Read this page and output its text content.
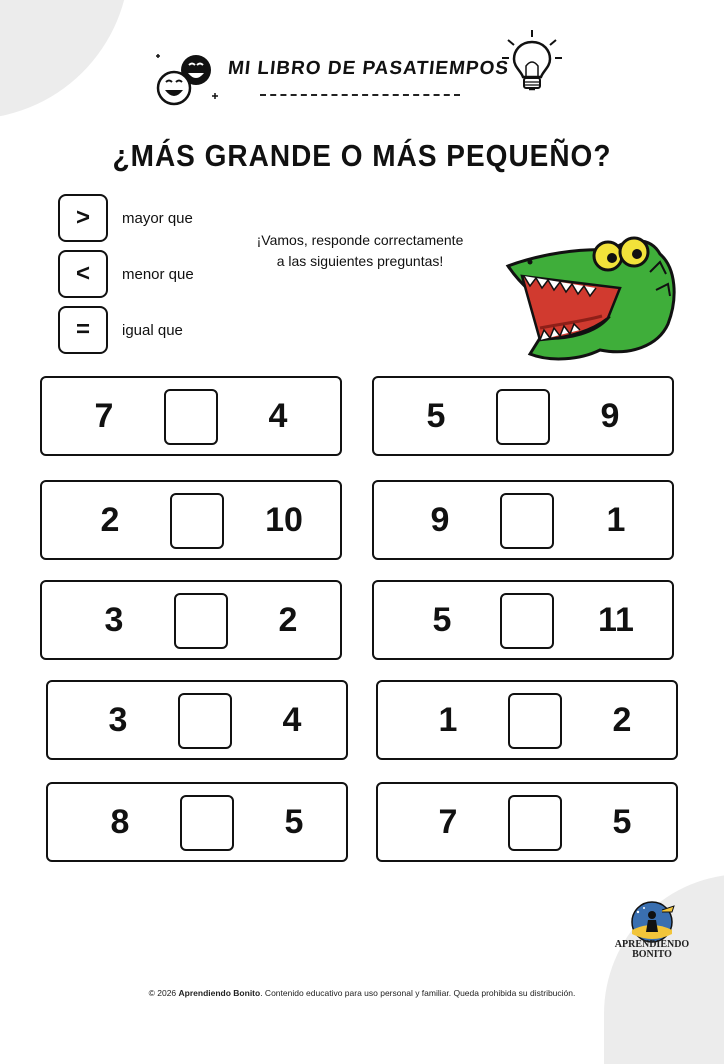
MI LIBRO DE PASATIEMPOS
¿MÁS GRANDE O MÁS PEQUEÑO?
>	mayor que
<	menor que
=	igual que
¡Vamos, responde correctamente
a las siguientes preguntas!
7	4
2	10
3	2
3	4
8	5
5	9
9	1
5	11
1	2
7	5
APRENDIENDO
BONITO
© 2026 Aprendiendo Bonito. Contenido educativo para uso personal y familiar. Queda prohibida su distribución.
